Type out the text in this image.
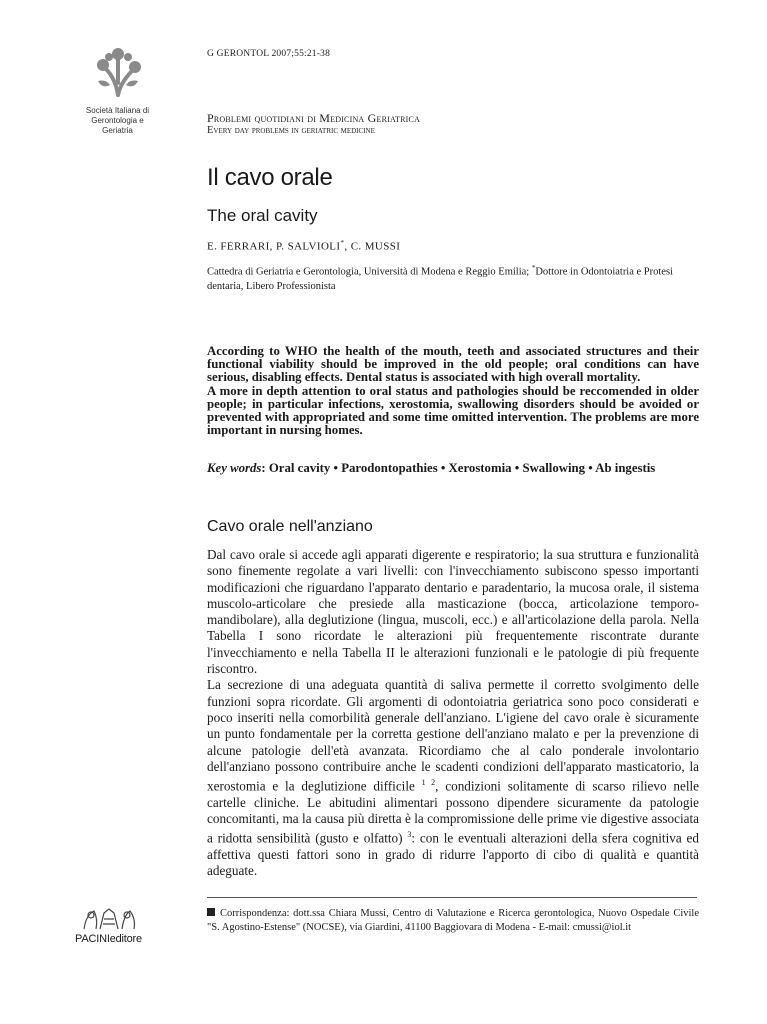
Società Italiana di
Gerontologia e
Geriatria
G GERONTOL 2007;55:21-38
Problemi quotidiani di Medicina Geriatrica
Every day problems in geriatric medicine
Il cavo orale
The oral cavity
E. FERRARI, P. SALVIOLI*, C. MUSSI
Cattedra di Geriatria e Gerontologia, Università di Modena e Reggio Emilia; *Dottore in Odontoiatria e Protesi dentaria, Libero Professionista

According to WHO the health of the mouth, teeth and associated structures and their functional viability should be improved in the old people; oral conditions can have serious, disabling effects. Dental status is associated with high overall mortality.

A more in depth attention to oral status and pathologies should be reccomended in older people; in particular infections, xerostomia, swallowing disorders should be avoided or prevented with appropriated and some time omitted intervention. The problems are more important in nursing homes.

Key words: Oral cavity • Parodontopathies • Xerostomia • Swallowing • Ab ingestis
Cavo orale nell'anziano

Dal cavo orale si accede agli apparati digerente e respiratorio; la sua struttura e funzionalità sono finemente regolate a vari livelli: con l'invecchiamento subiscono spesso importanti modificazioni che riguardano l'apparato dentario e paradentario, la mucosa orale, il sistema muscolo-articolare che presiede alla masticazione (bocca, articolazione temporo-mandibolare), alla deglutizione (lingua, muscoli, ecc.) e all'articolazione della parola. Nella Tabella I sono ricordate le alterazioni più frequentemente riscontrate durante l'invecchiamento e nella Tabella II le alterazioni funzionali e le patologie di più frequente riscontro.

La secrezione di una adeguata quantità di saliva permette il corretto svolgimento delle funzioni sopra ricordate. Gli argomenti di odontoiatria geriatrica sono poco considerati e poco inseriti nella comorbilità generale dell'anziano. L'igiene del cavo orale è sicuramente un punto fondamentale per la corretta gestione dell'anziano malato e per la prevenzione di alcune patologie dell'età avanzata. Ricordiamo che al calo ponderale involontario dell'anziano possono contribuire anche le scadenti condizioni dell'apparato masticatorio, la xerostomia e la deglutizione difficile $^{1 2}$, condizioni solitamente di scarso rilievo nelle cartelle cliniche. Le abitudini alimentari possono dipendere sicuramente da patologie concomitanti, ma la causa più diretta è la compromissione delle prime vie digestive associata a ridotta sensibilità (gusto e olfatto) $^3$: con le eventuali alterazioni della sfera cognitiva ed affettiva questi fattori sono in grado di ridurre l'apporto di cibo di qualità e quantità adeguate.

Corrispondenza: dott.ssa Chiara Mussi, Centro di Valutazione e Ricerca gerontologica, Nuovo Ospedale Civile "S. Agostino-Estense" (NOCSE), via Giardini, 41100 Baggiovara di Modena - E-mail: cmussi@iol.it
PACINIeditore
